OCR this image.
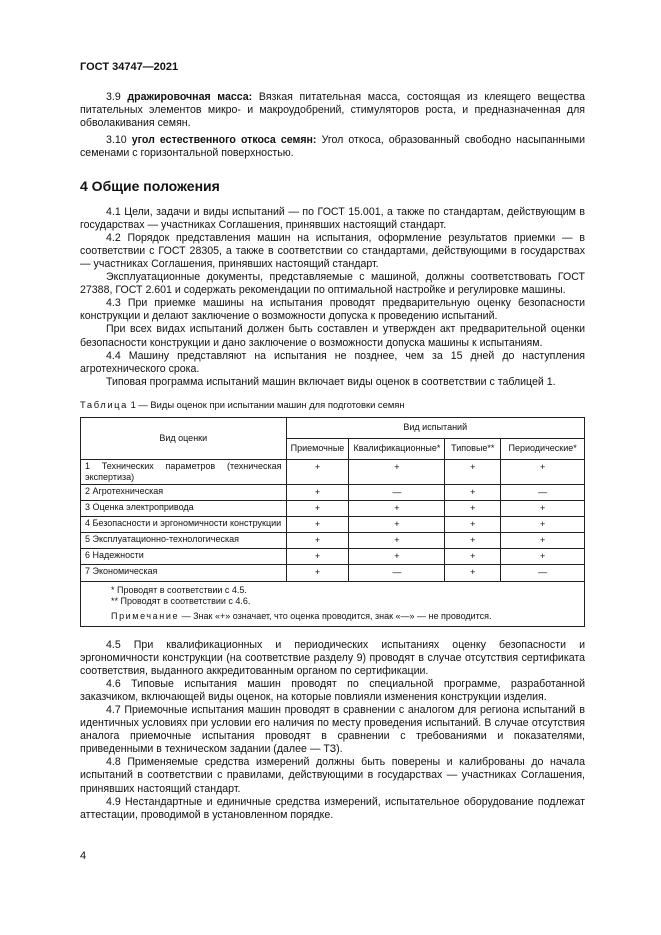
ГОСТ 34747—2021

3.9 дражировочная масса: Вязкая питательная масса, состоящая из клеящего вещества питательных элементов микро- и макроудобрений, стимуляторов роста, и предназначенная для обволакивания семян.

3.10 угол естественного откоса семян: Угол откоса, образованный свободно насыпанными семенами с горизонтальной поверхностью.

4 Общие положения

4.1 Цели, задачи и виды испытаний — по ГОСТ 15.001, а также по стандартам, действующим в государствах — участниках Соглашения, принявших настоящий стандарт.

4.2 Порядок представления машин на испытания, оформление результатов приемки — в соответствии с ГОСТ 28305, а также в соответствии со стандартами, действующими в государствах — участниках Соглашения, принявших настоящий стандарт.

Эксплуатационные документы, представляемые с машиной, должны соответствовать ГОСТ 27388, ГОСТ 2.601 и содержать рекомендации по оптимальной настройке и регулировке машины.

4.3 При приемке машины на испытания проводят предварительную оценку безопасности конструкции и делают заключение о возможности допуска к проведению испытаний.

При всех видах испытаний должен быть составлен и утвержден акт предварительной оценки безопасности конструкции и дано заключение о возможности допуска машины к испытаниям.

4.4 Машину представляют на испытания не позднее, чем за 15 дней до наступления агротехнического срока.

Типовая программа испытаний машин включает виды оценок в соответствии с таблицей 1.

Таблица 1 — Виды оценок при испытании машин для подготовки семян
Вид оценки	Вид испытаний			
	Приемочные	Квалификационные*	Типовые**	Периодические*
1 Технических параметров (техническая экспертиза)	+	+	+	+
2 Агротехническая	+	—	+	—
3 Оценка электропривода	+	+	+	+
4 Безопасности и эргономичности конструкции	+	+	+	+
5 Эксплуатационно-технологическая	+	+	+	+
6 Надежности	+	+	+	+
7 Экономическая	+	—	+	—

* Проводят в соответствии с 4.5.
** Проводят в соответствии с 4.6.
Примечание — Знак «+» означает, что оценка проводится, знак «—» — не проводится.				

4.5 При квалификационных и периодических испытаниях оценку безопасности и эргономичности конструкции (на соответствие разделу 9) проводят в случае отсутствия сертификата соответствия, выданного аккредитованным органом по сертификации.

4.6 Типовые испытания машин проводят по специальной программе, разработанной заказчиком, включающей виды оценок, на которые повлияли изменения конструкции изделия.

4.7 Приемочные испытания машин проводят в сравнении с аналогом для региона испытаний в идентичных условиях при условии его наличия по месту проведения испытаний. В случае отсутствия аналога приемочные испытания проводят в сравнении с требованиями и показателями, приведенными в техническом задании (далее — ТЗ).

4.8 Применяемые средства измерений должны быть поверены и калиброваны до начала испытаний в соответствии с правилами, действующими в государствах — участниках Соглашения, принявших настоящий стандарт.

4.9 Нестандартные и единичные средства измерений, испытательное оборудование подлежат аттестации, проводимой в установленном порядке.

4
